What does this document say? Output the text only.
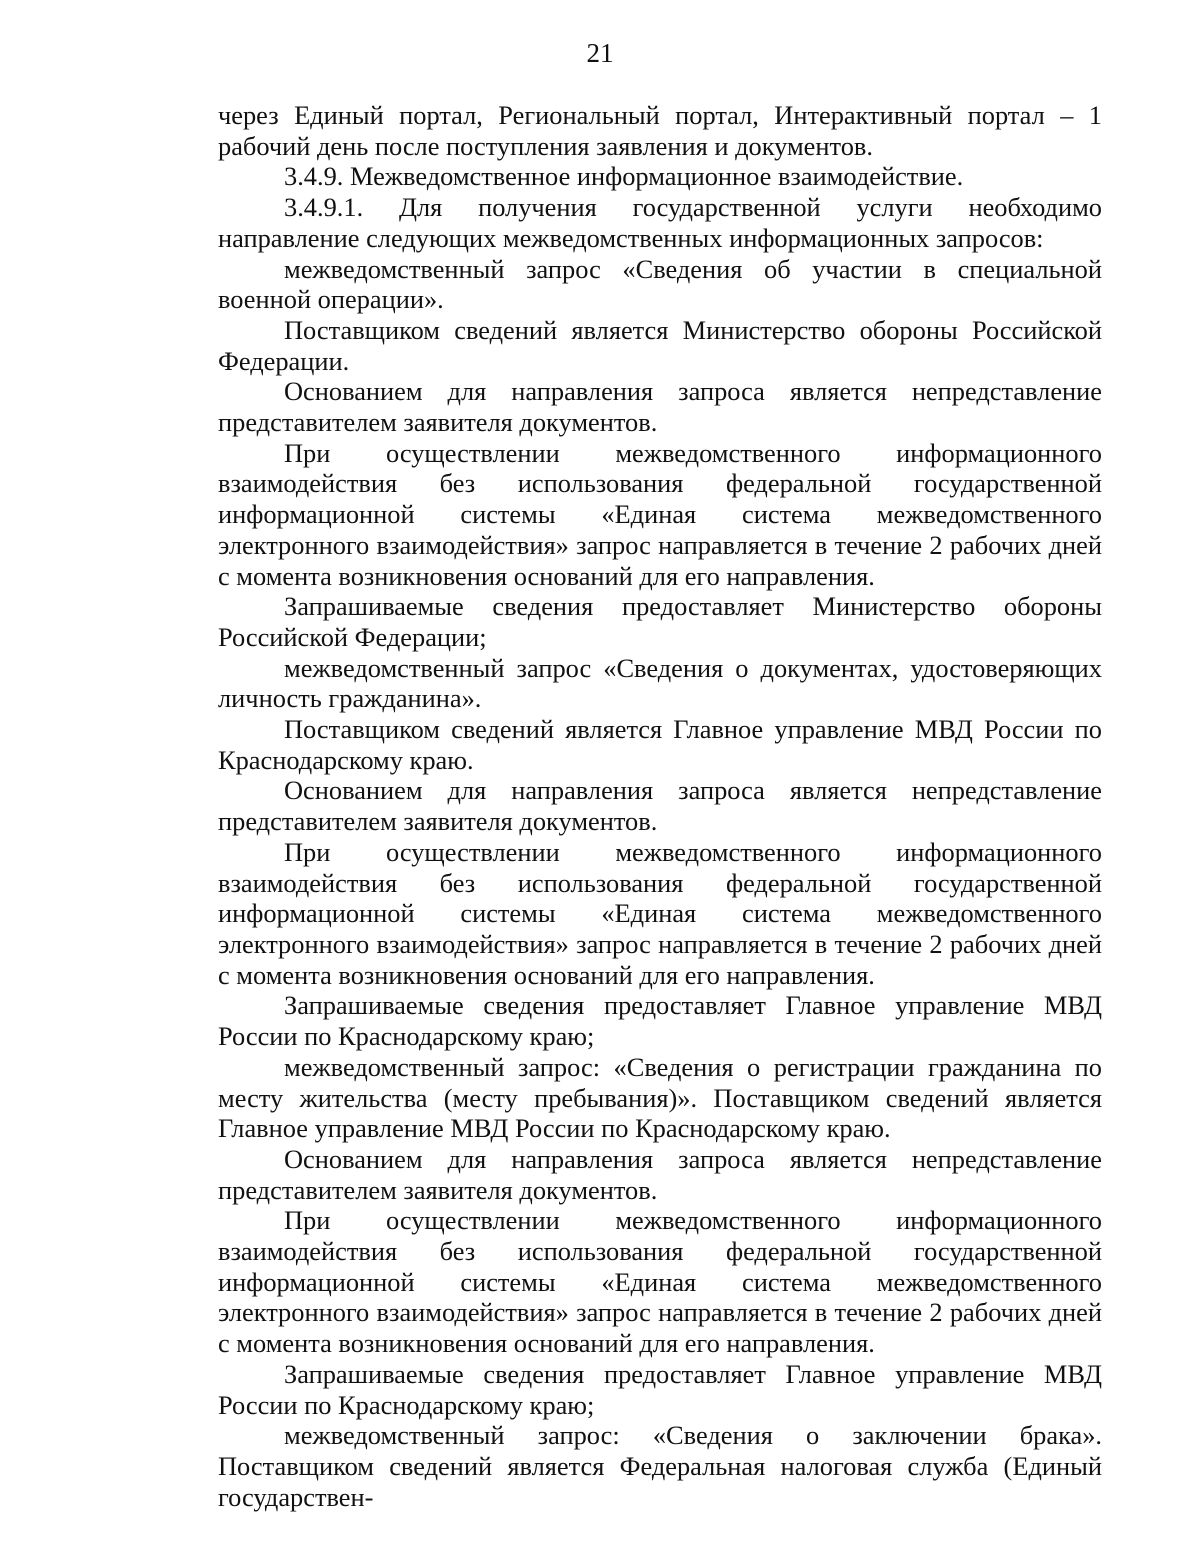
21

через Единый портал, Региональный портал, Интерактивный портал – 1 рабочий день после поступления заявления и документов.

3.4.9. Межведомственное информационное взаимодействие.

3.4.9.1. Для получения государственной услуги необходимо направление следующих межведомственных информационных запросов:

межведомственный запрос «Сведения об участии в специальной военной операции».

Поставщиком сведений является Министерство обороны Российской Федерации.

Основанием для направления запроса является непредставление представителем заявителя документов.

При осуществлении межведомственного информационного взаимодействия без использования федеральной государственной информационной системы «Единая система межведомственного электронного взаимодействия» запрос направляется в течение 2 рабочих дней с момента возникновения оснований для его направления.

Запрашиваемые сведения предоставляет Министерство обороны Российской Федерации;

межведомственный запрос «Сведения о документах, удостоверяющих личность гражданина».

Поставщиком сведений является Главное управление МВД России по Краснодарскому краю.

Основанием для направления запроса является непредставление представителем заявителя документов.

При осуществлении межведомственного информационного взаимодействия без использования федеральной государственной информационной системы «Единая система межведомственного электронного взаимодействия» запрос направляется в течение 2 рабочих дней с момента возникновения оснований для его направления.

Запрашиваемые сведения предоставляет Главное управление МВД России по Краснодарскому краю;

межведомственный запрос: «Сведения о регистрации гражданина по месту жительства (месту пребывания)». Поставщиком сведений является Главное управление МВД России по Краснодарскому краю.

Основанием для направления запроса является непредставление представителем заявителя документов.

При осуществлении межведомственного информационного взаимодействия без использования федеральной государственной информационной системы «Единая система межведомственного электронного взаимодействия» запрос направляется в течение 2 рабочих дней с момента возникновения оснований для его направления.

Запрашиваемые сведения предоставляет Главное управление МВД России по Краснодарскому краю;

межведомственный запрос: «Сведения о заключении брака». Поставщиком сведений является Федеральная налоговая служба (Единый государствен-
